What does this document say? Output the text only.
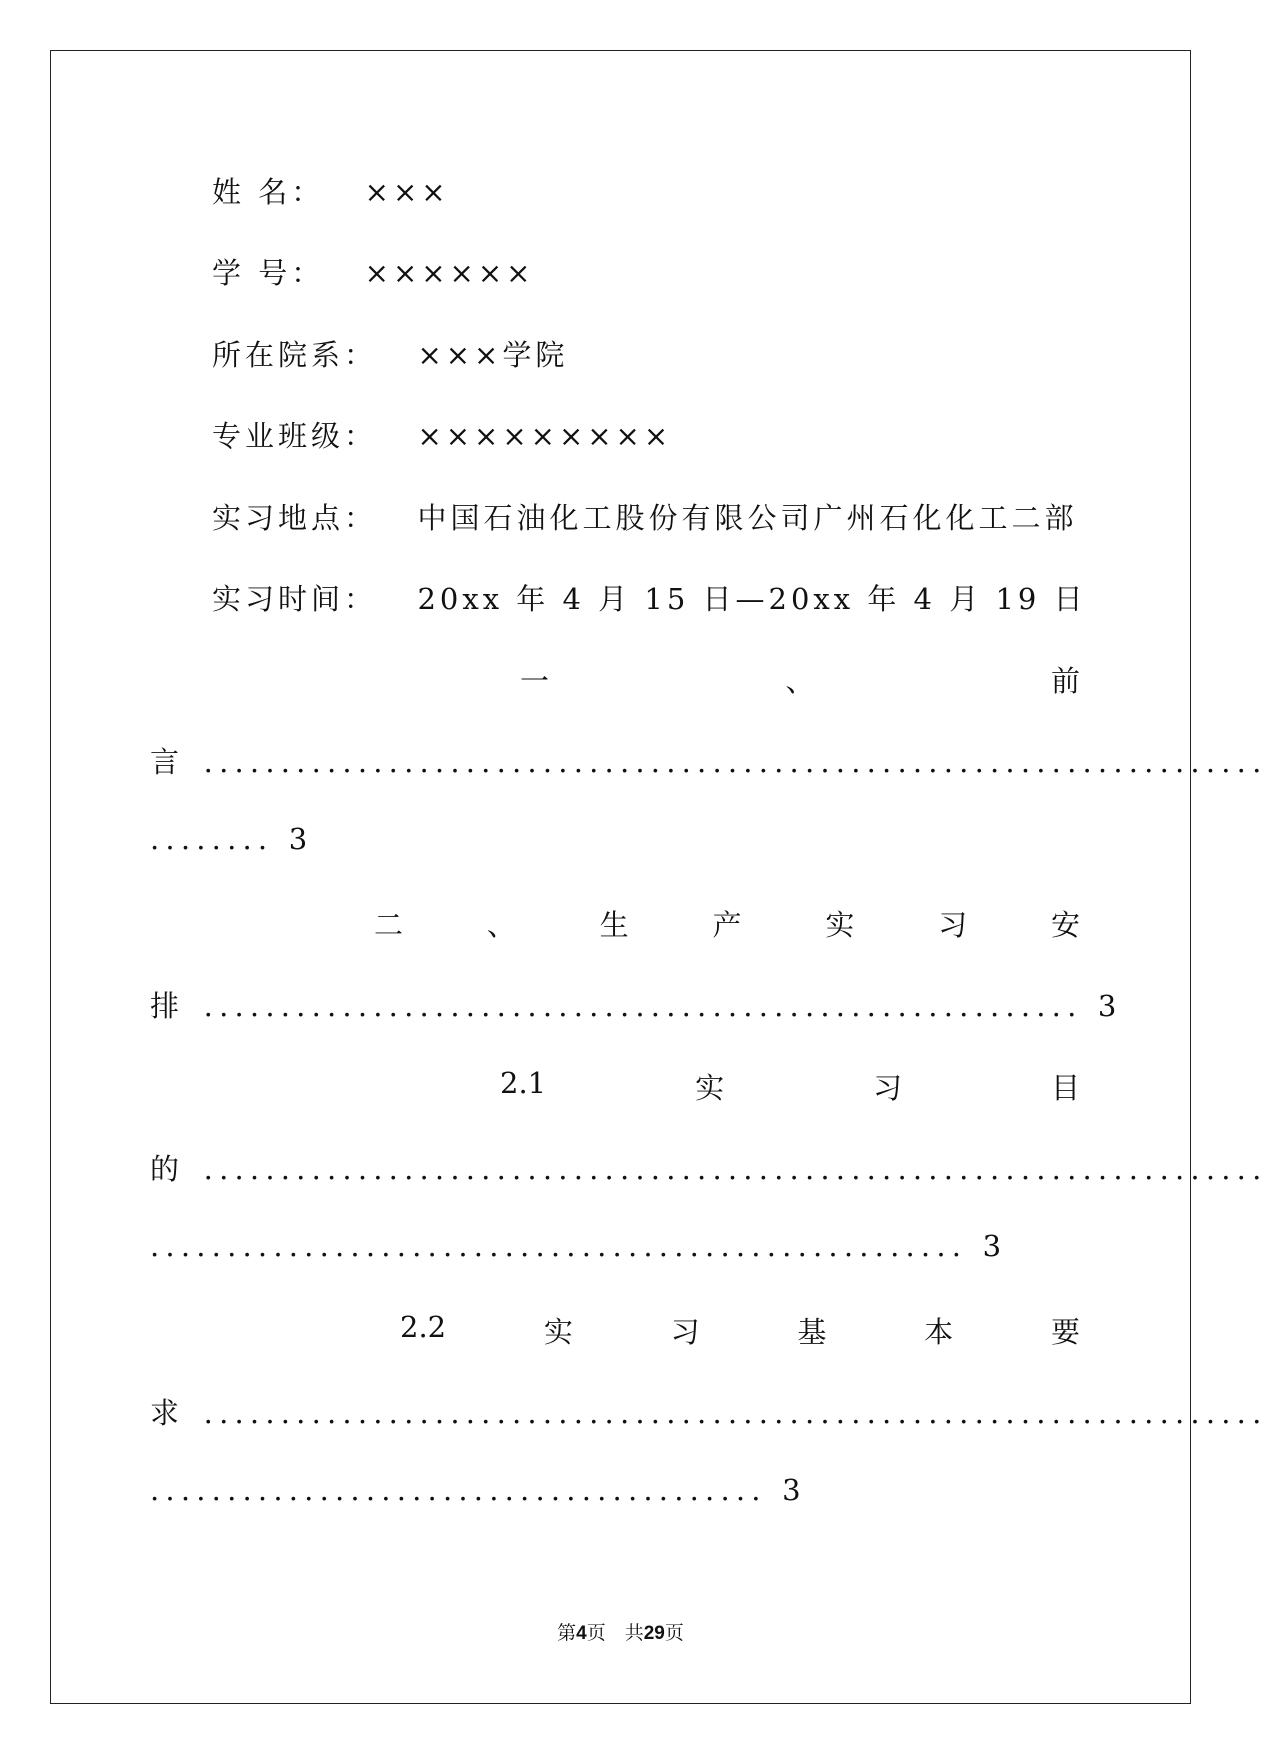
姓 名： ×××
学 号： ××××××
所在院系： ×××学院
专业班级： ×××××××××
实习地点： 中国石油化工股份有限公司广州石化化工二部
实习时间： 20xx 年 4 月 15 日—20xx 年 4 月 19 日
一	、	前
言  .....................................................................
........ 3
二	、	生	产	实	习	安
排  ......................................................... 3
2.1	实	习	目
的  .....................................................................
..................................................... 3
2.2	实	习	基	本	要
求  .....................................................................
........................................ 3
第4页　共29页
